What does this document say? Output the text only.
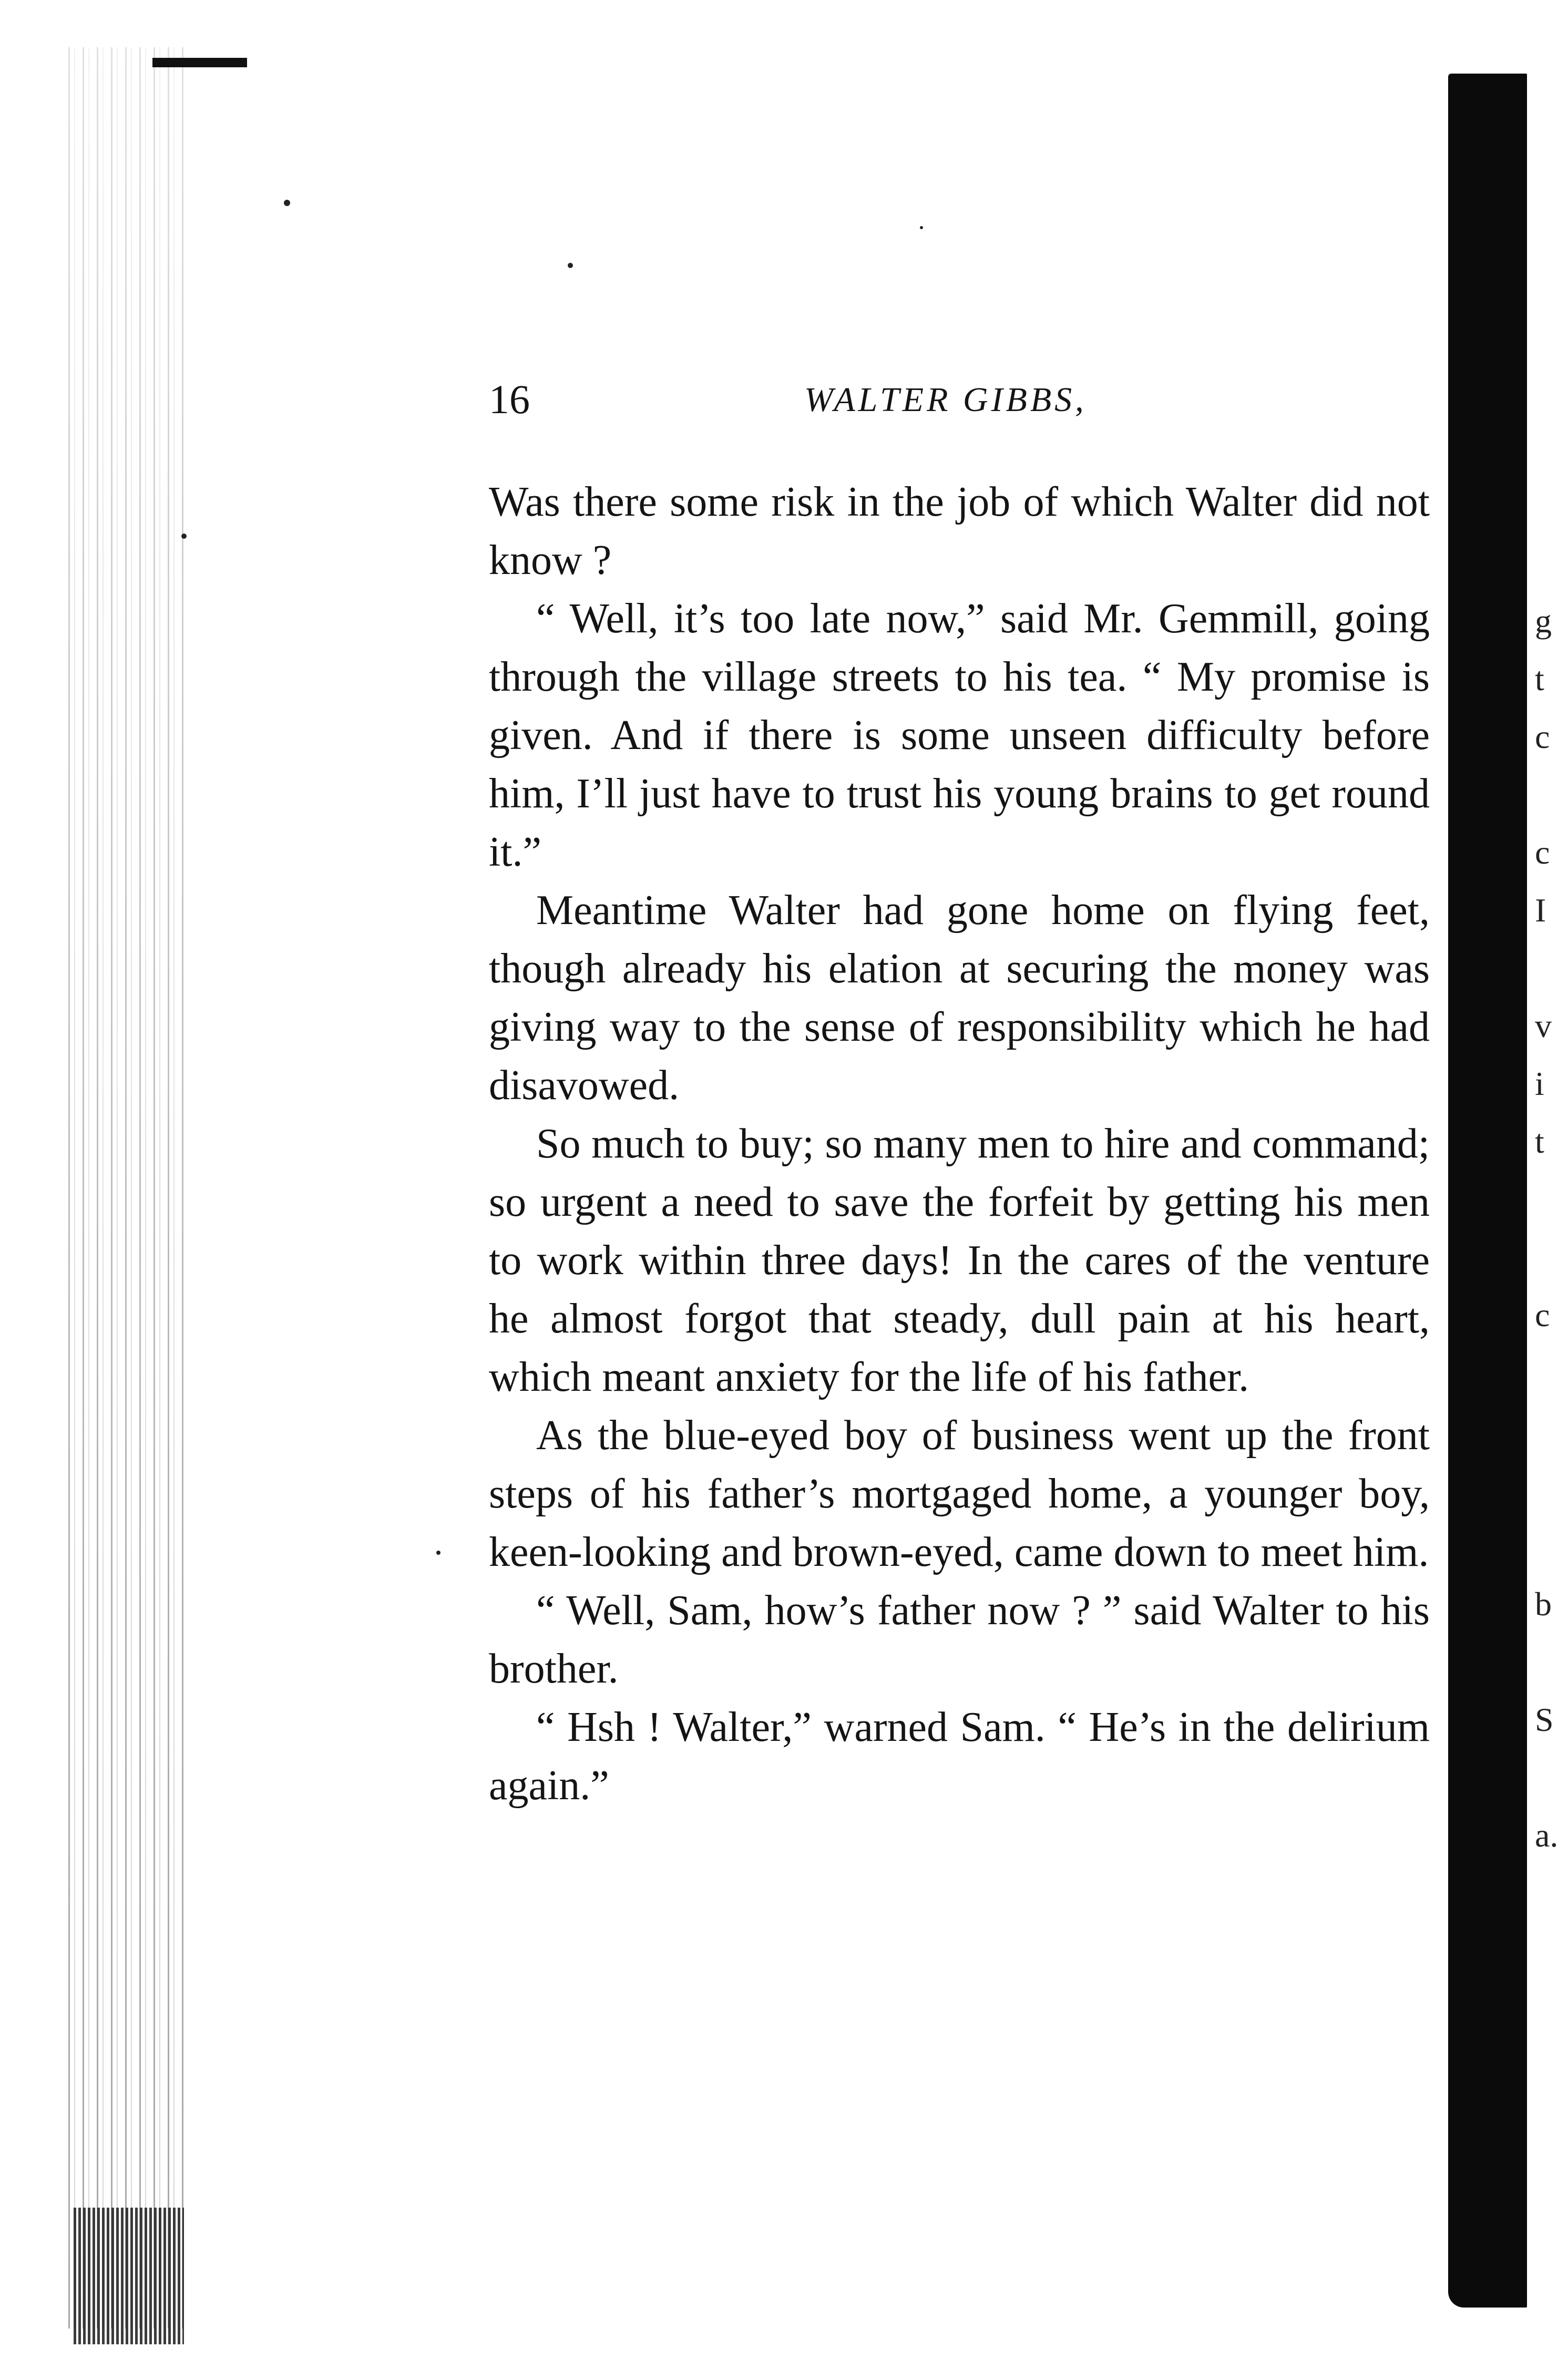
g
t
c
c
I
v
i
t
c
b
S
a.
16	WALTER GIBBS,

Was there some risk in the job of which Walter did not know ?

“ Well, it’s too late now,” said Mr. Gemmill, going through the village streets to his tea. “ My promise is given. And if there is some unseen difficulty before him, I’ll just have to trust his young brains to get round it.”

Meantime Walter had gone home on flying feet, though already his elation at securing the money was giving way to the sense of responsibility which he had disavowed.

So much to buy; so many men to hire and command; so urgent a need to save the forfeit by getting his men to work within three days! In the cares of the venture he almost forgot that steady, dull pain at his heart, which meant anxiety for the life of his father.

As the blue-eyed boy of business went up the front steps of his father’s mortgaged home, a younger boy, keen-looking and brown-eyed, came down to meet him.

“ Well, Sam, how’s father now ? ” said Walter to his brother.

“ Hsh ! Walter,” warned Sam. “ He’s in the delirium again.”
